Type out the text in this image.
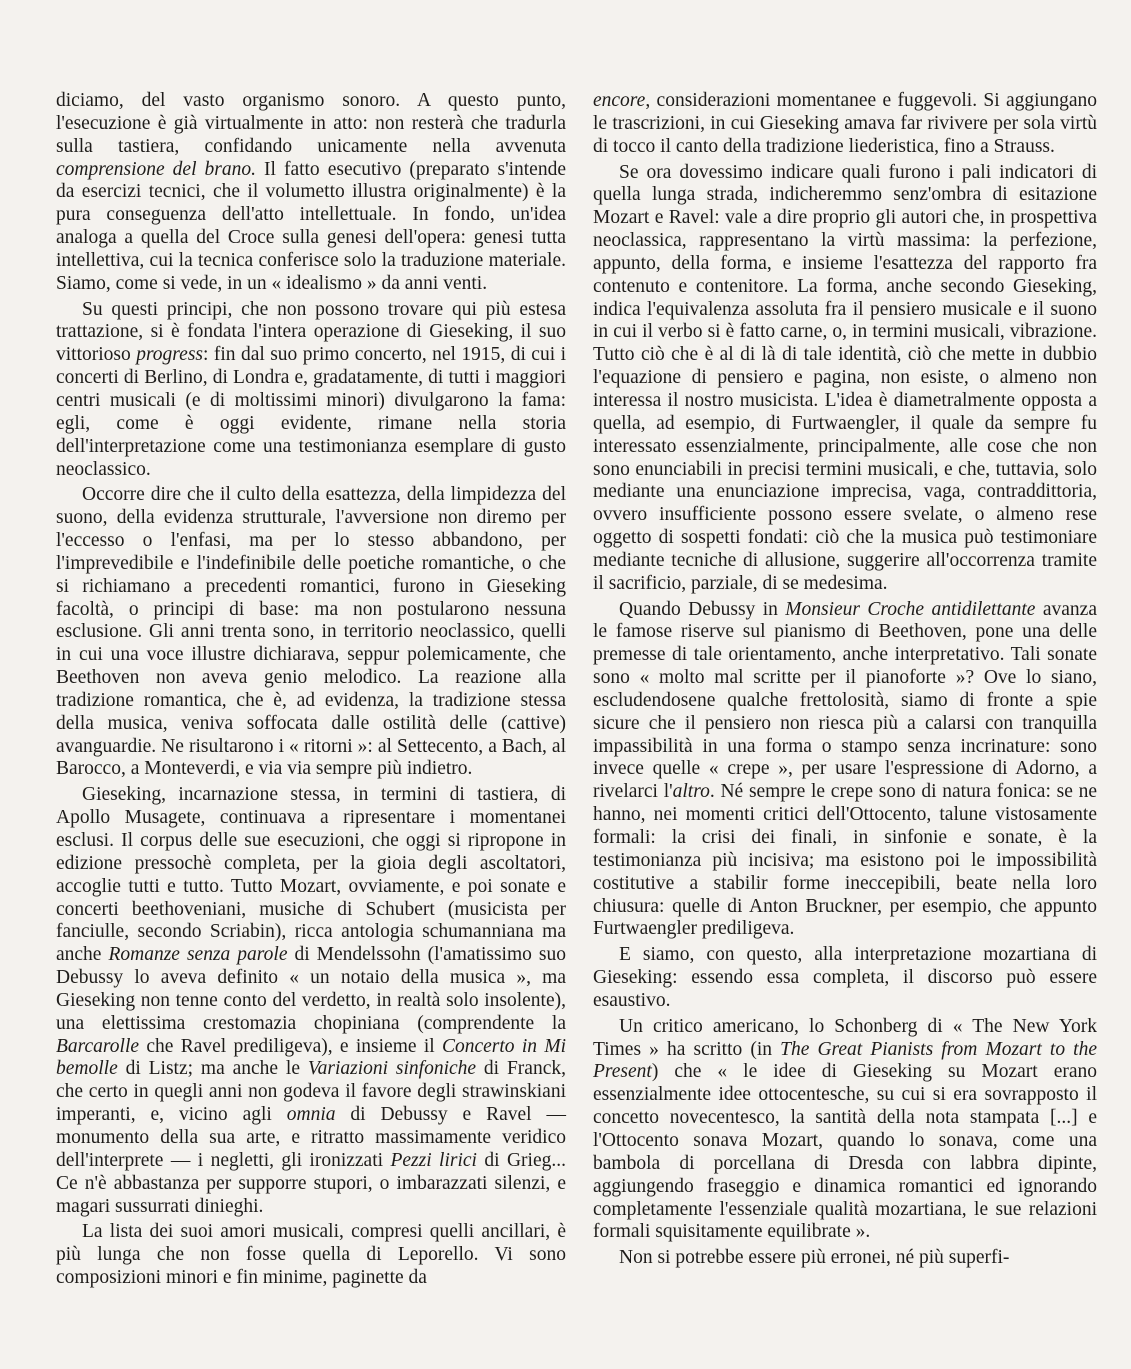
diciamo, del vasto organismo sonoro. A questo punto, l'esecuzione è già virtualmente in atto: non resterà che tradurla sulla tastiera, confidando unicamente nella avvenuta comprensione del brano. Il fatto esecutivo (preparato s'intende da esercizi tecnici, che il volumetto illustra originalmente) è la pura conseguenza dell'atto intellettuale. In fondo, un'idea analoga a quella del Croce sulla genesi dell'opera: genesi tutta intellettiva, cui la tecnica conferisce solo la traduzione materiale. Siamo, come si vede, in un « idealismo » da anni venti.

Su questi principi, che non possono trovare qui più estesa trattazione, si è fondata l'intera operazione di Gieseking, il suo vittorioso progress: fin dal suo primo concerto, nel 1915, di cui i concerti di Berlino, di Londra e, gradatamente, di tutti i maggiori centri musicali (e di moltissimi minori) divulgarono la fama: egli, come è oggi evidente, rimane nella storia dell'interpretazione come una testimonianza esemplare di gusto neoclassico.

Occorre dire che il culto della esattezza, della limpidezza del suono, della evidenza strutturale, l'avversione non diremo per l'eccesso o l'enfasi, ma per lo stesso abbandono, per l'imprevedibile e l'indefinibile delle poetiche romantiche, o che si richiamano a precedenti romantici, furono in Gieseking facoltà, o principi di base: ma non postularono nessuna esclusione. Gli anni trenta sono, in territorio neoclassico, quelli in cui una voce illustre dichiarava, seppur polemicamente, che Beethoven non aveva genio melodico. La reazione alla tradizione romantica, che è, ad evidenza, la tradizione stessa della musica, veniva soffocata dalle ostilità delle (cattive) avanguardie. Ne risultarono i « ritorni »: al Settecento, a Bach, al Barocco, a Monteverdi, e via via sempre più indietro.

Gieseking, incarnazione stessa, in termini di tastiera, di Apollo Musagete, continuava a ripresentare i momentanei esclusi. Il corpus delle sue esecuzioni, che oggi si ripropone in edizione pressochè completa, per la gioia degli ascoltatori, accoglie tutti e tutto. Tutto Mozart, ovviamente, e poi sonate e concerti beethoveniani, musiche di Schubert (musicista per fanciulle, secondo Scriabin), ricca antologia schumanniana ma anche Romanze senza parole di Mendelssohn (l'amatissimo suo Debussy lo aveva definito « un notaio della musica », ma Gieseking non tenne conto del verdetto, in realtà solo insolente), una elettissima crestomazia chopiniana (comprendente la Barcarolle che Ravel prediligeva), e insieme il Concerto in Mi bemolle di Listz; ma anche le Variazioni sinfoniche di Franck, che certo in quegli anni non godeva il favore degli strawinskiani imperanti, e, vicino agli omnia di Debussy e Ravel — monumento della sua arte, e ritratto massimamente veridico dell'interprete — i negletti, gli ironizzati Pezzi lirici di Grieg... Ce n'è abbastanza per supporre stupori, o imbarazzati silenzi, e magari sussurrati dinieghi.

La lista dei suoi amori musicali, compresi quelli ancillari, è più lunga che non fosse quella di Leporello. Vi sono composizioni minori e fin minime, paginette da

encore, considerazioni momentanee e fuggevoli. Si aggiungano le trascrizioni, in cui Gieseking amava far rivivere per sola virtù di tocco il canto della tradizione liederistica, fino a Strauss.

Se ora dovessimo indicare quali furono i pali indicatori di quella lunga strada, indicheremmo senz'ombra di esitazione Mozart e Ravel: vale a dire proprio gli autori che, in prospettiva neoclassica, rappresentano la virtù massima: la perfezione, appunto, della forma, e insieme l'esattezza del rapporto fra contenuto e contenitore. La forma, anche secondo Gieseking, indica l'equivalenza assoluta fra il pensiero musicale e il suono in cui il verbo si è fatto carne, o, in termini musicali, vibrazione. Tutto ciò che è al di là di tale identità, ciò che mette in dubbio l'equazione di pensiero e pagina, non esiste, o almeno non interessa il nostro musicista. L'idea è diametralmente opposta a quella, ad esempio, di Furtwaengler, il quale da sempre fu interessato essenzialmente, principalmente, alle cose che non sono enunciabili in precisi termini musicali, e che, tuttavia, solo mediante una enunciazione imprecisa, vaga, contraddittoria, ovvero insufficiente possono essere svelate, o almeno rese oggetto di sospetti fondati: ciò che la musica può testimoniare mediante tecniche di allusione, suggerire all'occorrenza tramite il sacrificio, parziale, di se medesima.

Quando Debussy in Monsieur Croche antidilettante avanza le famose riserve sul pianismo di Beethoven, pone una delle premesse di tale orientamento, anche interpretativo. Tali sonate sono « molto mal scritte per il pianoforte »? Ove lo siano, escludendosene qualche frettolosità, siamo di fronte a spie sicure che il pensiero non riesca più a calarsi con tranquilla impassibilità in una forma o stampo senza incrinature: sono invece quelle « crepe », per usare l'espressione di Adorno, a rivelarci l'altro. Né sempre le crepe sono di natura fonica: se ne hanno, nei momenti critici dell'Ottocento, talune vistosamente formali: la crisi dei finali, in sinfonie e sonate, è la testimonianza più incisiva; ma esistono poi le impossibilità costitutive a stabilir forme ineccepibili, beate nella loro chiusura: quelle di Anton Bruckner, per esempio, che appunto Furtwaengler prediligeva.

E siamo, con questo, alla interpretazione mozartiana di Gieseking: essendo essa completa, il discorso può essere esaustivo.

Un critico americano, lo Schonberg di « The New York Times » ha scritto (in The Great Pianists from Mozart to the Present) che « le idee di Gieseking su Mozart erano essenzialmente idee ottocentesche, su cui si era sovrapposto il concetto novecentesco, la santità della nota stampata [...] e l'Ottocento sonava Mozart, quando lo sonava, come una bambola di porcellana di Dresda con labbra dipinte, aggiungendo fraseggio e dinamica romantici ed ignorando completamente l'essenziale qualità mozartiana, le sue relazioni formali squisitamente equilibrate ».

Non si potrebbe essere più erronei, né più superfi-
